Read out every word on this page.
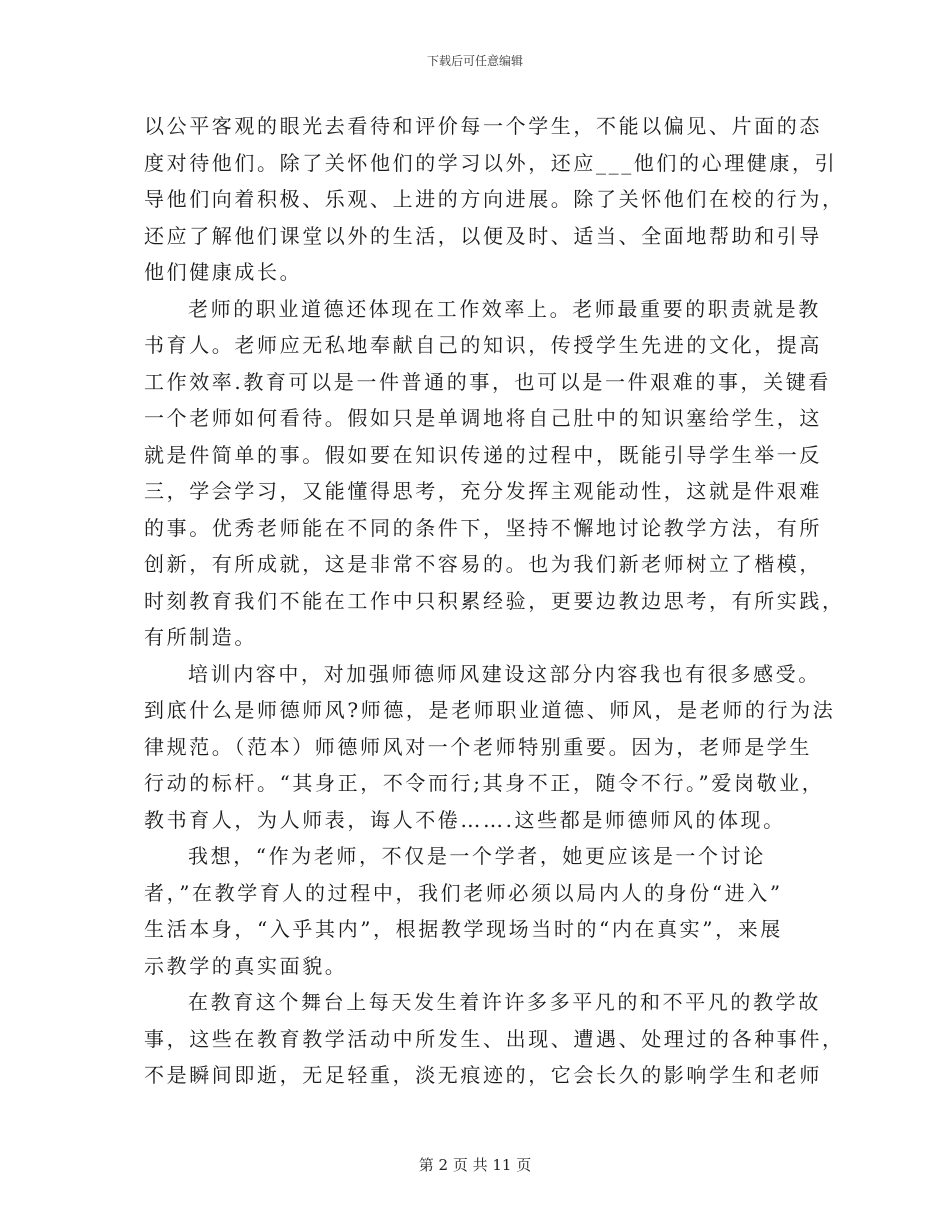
下载后可任意编辑
以公平客观的眼光去看待和评价每一个学生，不能以偏见、片面的态
度对待他们。除了关怀他们的学习以外，还应___他们的心理健康，引
导他们向着积极、乐观、上进的方向进展。除了关怀他们在校的行为，
还应了解他们课堂以外的生活，以便及时、适当、全面地帮助和引导
他们健康成长。
老师的职业道德还体现在工作效率上。老师最重要的职责就是教
书育人。老师应无私地奉献自己的知识，传授学生先进的文化，提高
工作效率.教育可以是一件普通的事，也可以是一件艰难的事，关键看
一个老师如何看待。假如只是单调地将自己肚中的知识塞给学生，这
就是件简单的事。假如要在知识传递的过程中，既能引导学生举一反
三，学会学习，又能懂得思考，充分发挥主观能动性，这就是件艰难
的事。优秀老师能在不同的条件下，坚持不懈地讨论教学方法，有所
创新，有所成就，这是非常不容易的。也为我们新老师树立了楷模，
时刻教育我们不能在工作中只积累经验，更要边教边思考，有所实践，
有所制造。
培训内容中，对加强师德师风建设这部分内容我也有很多感受。
到底什么是师德师风?师德，是老师职业道德、师风，是老师的行为法
律规范。（范本）师德师风对一个老师特别重要。因为，老师是学生
行动的标杆。“其身正，不令而行;其身不正，随令不行。”爱岗敬业，
教书育人，为人师表，诲人不倦…….这些都是师德师风的体现。
我想，“作为老师，不仅是一个学者，她更应该是一个讨论
者，”在教学育人的过程中，我们老师必须以局内人的身份“进入”
生活本身，“入乎其内”，根据教学现场当时的“内在真实”，来展
示教学的真实面貌。
在教育这个舞台上每天发生着许许多多平凡的和不平凡的教学故
事，这些在教育教学活动中所发生、出现、遭遇、处理过的各种事件，
不是瞬间即逝，无足轻重，淡无痕迹的，它会长久的影响学生和老师
第 2 页 共 11 页
